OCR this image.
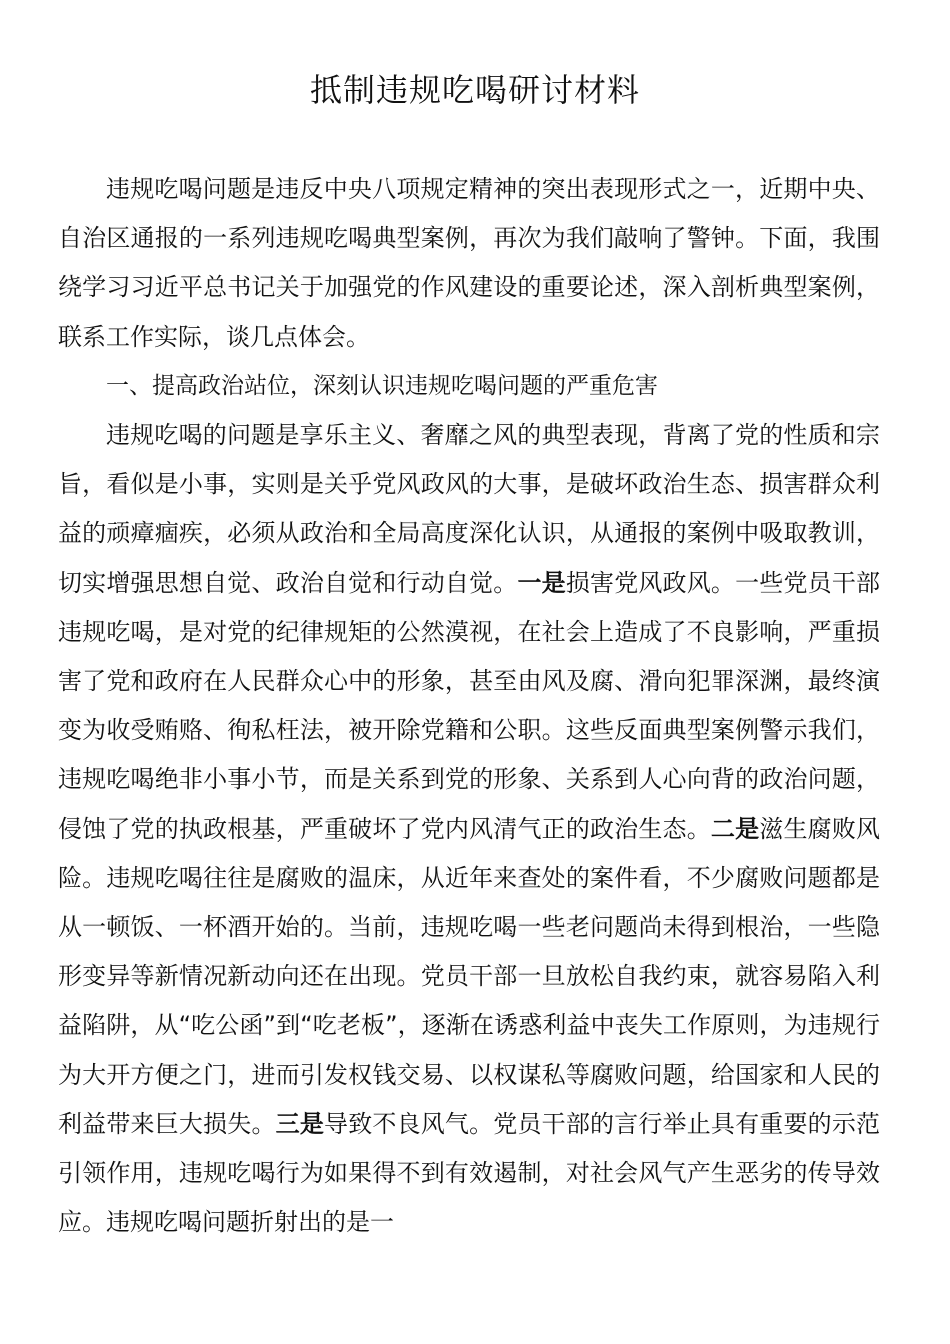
抵制违规吃喝研讨材料

违规吃喝问题是违反中央八项规定精神的突出表现形式之一，近期中央、自治区通报的一系列违规吃喝典型案例，再次为我们敲响了警钟。下面，我围绕学习习近平总书记关于加强党的作风建设的重要论述，深入剖析典型案例，联系工作实际，谈几点体会。

一、提高政治站位，深刻认识违规吃喝问题的严重危害

违规吃喝的问题是享乐主义、奢靡之风的典型表现，背离了党的性质和宗旨，看似是小事，实则是关乎党风政风的大事，是破坏政治生态、损害群众利益的顽瘴痼疾，必须从政治和全局高度深化认识，从通报的案例中吸取教训，切实增强思想自觉、政治自觉和行动自觉。一是损害党风政风。一些党员干部违规吃喝，是对党的纪律规矩的公然漠视，在社会上造成了不良影响，严重损害了党和政府在人民群众心中的形象，甚至由风及腐、滑向犯罪深渊，最终演变为收受贿赂、徇私枉法，被开除党籍和公职。这些反面典型案例警示我们，违规吃喝绝非小事小节，而是关系到党的形象、关系到人心向背的政治问题，侵蚀了党的执政根基，严重破坏了党内风清气正的政治生态。二是滋生腐败风险。违规吃喝往往是腐败的温床，从近年来查处的案件看，不少腐败问题都是从一顿饭、一杯酒开始的。当前，违规吃喝一些老问题尚未得到根治，一些隐形变异等新情况新动向还在出现。党员干部一旦放松自我约束，就容易陷入利益陷阱，从“吃公函”到“吃老板”，逐渐在诱惑利益中丧失工作原则，为违规行为大开方便之门，进而引发权钱交易、以权谋私等腐败问题，给国家和人民的利益带来巨大损失。三是导致不良风气。党员干部的言行举止具有重要的示范引领作用，违规吃喝行为如果得不到有效遏制，对社会风气产生恶劣的传导效应。违规吃喝问题折射出的是一
